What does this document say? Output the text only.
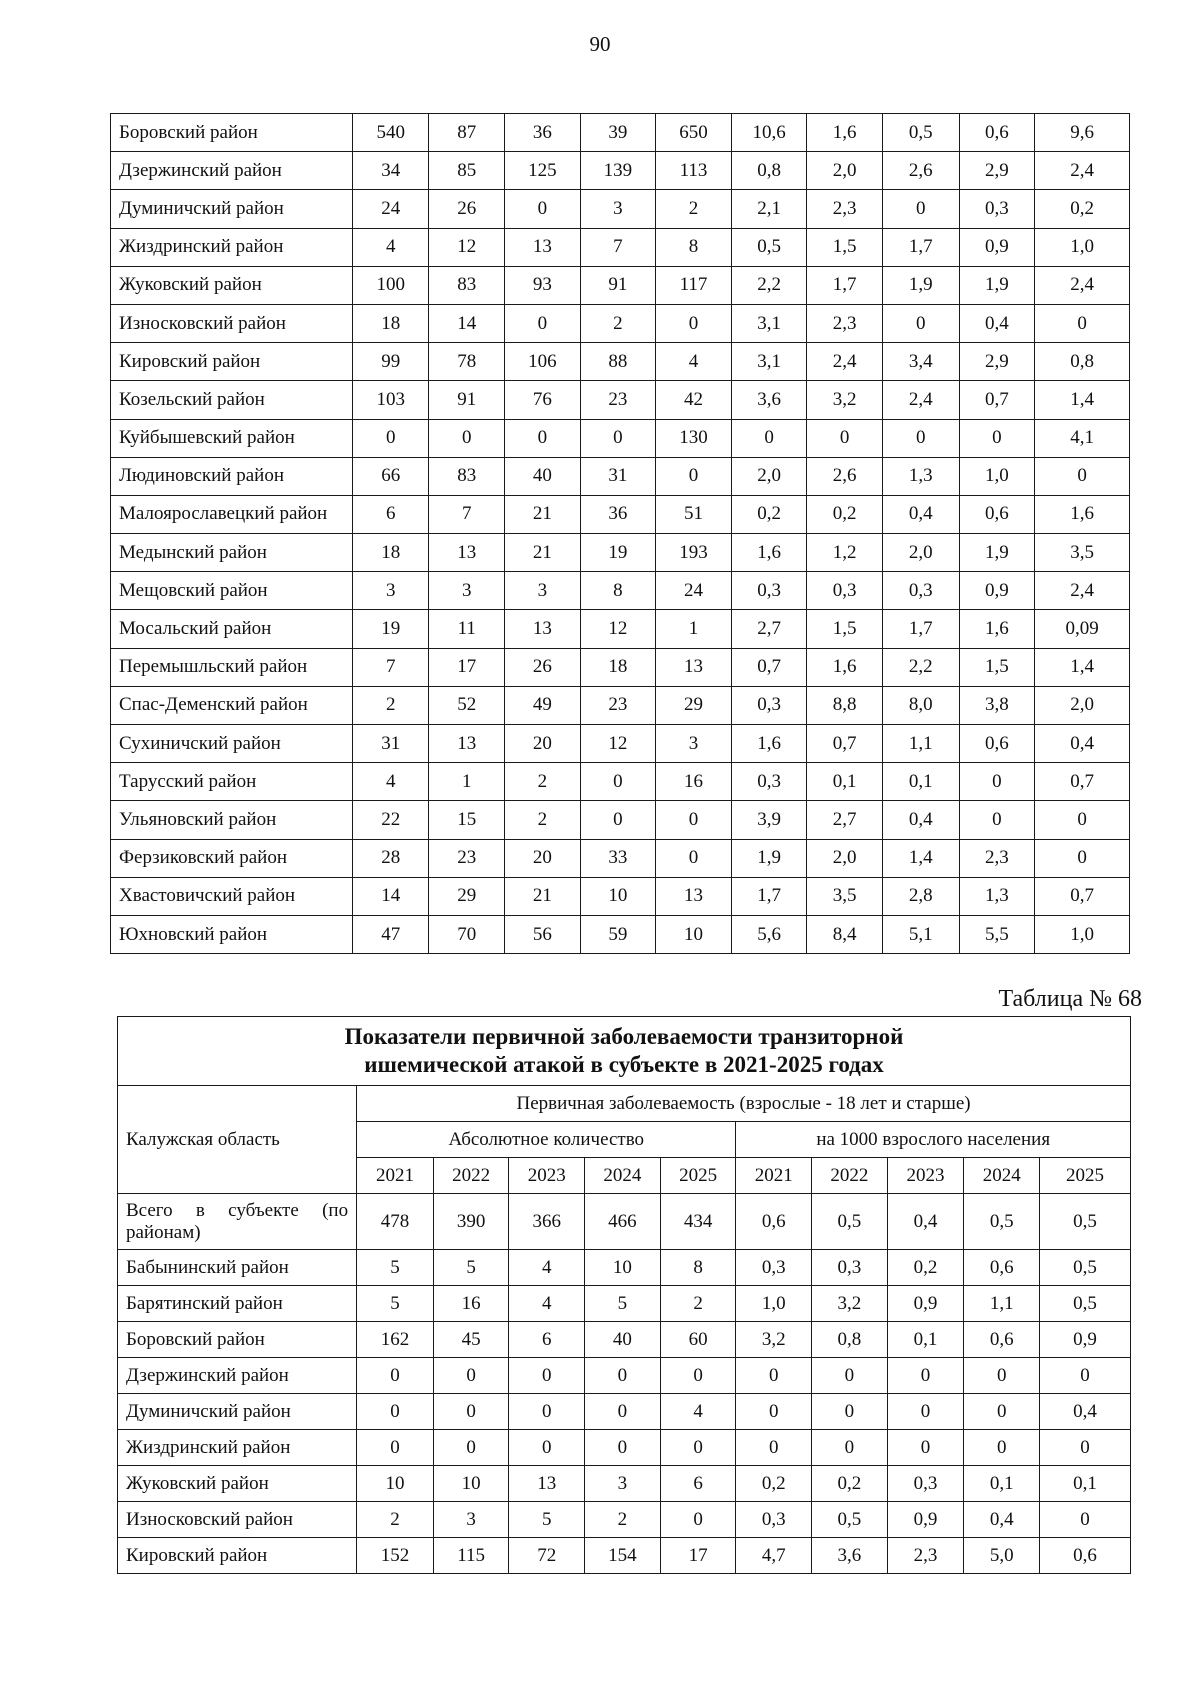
90
Боровский район	540	87	36	39	650	10,6	1,6	0,5	0,6	9,6
Дзержинский район	34	85	125	139	113	0,8	2,0	2,6	2,9	2,4
Думиничский район	24	26	0	3	2	2,1	2,3	0	0,3	0,2
Жиздринский район	4	12	13	7	8	0,5	1,5	1,7	0,9	1,0
Жуковский район	100	83	93	91	117	2,2	1,7	1,9	1,9	2,4
Износковский район	18	14	0	2	0	3,1	2,3	0	0,4	0
Кировский район	99	78	106	88	4	3,1	2,4	3,4	2,9	0,8
Козельский район	103	91	76	23	42	3,6	3,2	2,4	0,7	1,4
Куйбышевский район	0	0	0	0	130	0	0	0	0	4,1
Людиновский район	66	83	40	31	0	2,0	2,6	1,3	1,0	0
Малоярославецкий район	6	7	21	36	51	0,2	0,2	0,4	0,6	1,6
Медынский район	18	13	21	19	193	1,6	1,2	2,0	1,9	3,5
Мещовский район	3	3	3	8	24	0,3	0,3	0,3	0,9	2,4
Мосальский район	19	11	13	12	1	2,7	1,5	1,7	1,6	0,09
Перемышльский район	7	17	26	18	13	0,7	1,6	2,2	1,5	1,4
Спас-Деменский район	2	52	49	23	29	0,3	8,8	8,0	3,8	2,0
Сухиничский район	31	13	20	12	3	1,6	0,7	1,1	0,6	0,4
Тарусский район	4	1	2	0	16	0,3	0,1	0,1	0	0,7
Ульяновский район	22	15	2	0	0	3,9	2,7	0,4	0	0
Ферзиковский район	28	23	20	33	0	1,9	2,0	1,4	2,3	0
Хвастовичский район	14	29	21	10	13	1,7	3,5	2,8	1,3	0,7
Юхновский район	47	70	56	59	10	5,6	8,4	5,1	5,5	1,0
Таблица № 68
Показатели первичной заболеваемости транзиторной
ишемической атакой в субъекте в 2021-2025 годах										
Калужская область	Первичная заболеваемость (взрослые - 18 лет и старше)									
	Абсолютное количество					на 1000 взрослого населения				
	2021	2022	2023	2024	2025	2021	2022	2023	2024	2025
Всего в субъекте (по
районам)	478	390	366	466	434	0,6	0,5	0,4	0,5	0,5
Бабынинский район	5	5	4	10	8	0,3	0,3	0,2	0,6	0,5
Барятинский район	5	16	4	5	2	1,0	3,2	0,9	1,1	0,5
Боровский район	162	45	6	40	60	3,2	0,8	0,1	0,6	0,9
Дзержинский район	0	0	0	0	0	0	0	0	0	0
Думиничский район	0	0	0	0	4	0	0	0	0	0,4
Жиздринский район	0	0	0	0	0	0	0	0	0	0
Жуковский район	10	10	13	3	6	0,2	0,2	0,3	0,1	0,1
Износковский район	2	3	5	2	0	0,3	0,5	0,9	0,4	0
Кировский район	152	115	72	154	17	4,7	3,6	2,3	5,0	0,6
